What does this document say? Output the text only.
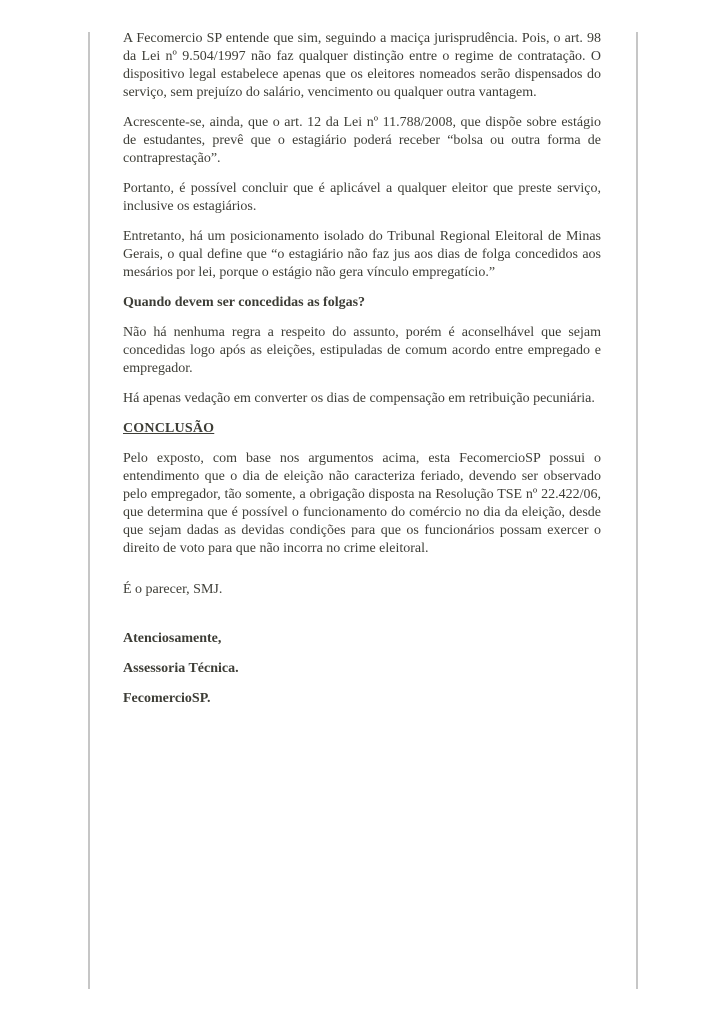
A Fecomercio SP entende que sim, seguindo a maciça jurisprudência. Pois, o art. 98 da Lei nº 9.504/1997 não faz qualquer distinção entre o regime de contratação. O dispositivo legal estabelece apenas que os eleitores nomeados serão dispensados do serviço, sem prejuízo do salário, vencimento ou qualquer outra vantagem.

Acrescente-se, ainda, que o art. 12 da Lei nº 11.788/2008, que dispõe sobre estágio de estudantes, prevê que o estagiário poderá receber “bolsa ou outra forma de contraprestação”.

Portanto, é possível concluir que é aplicável a qualquer eleitor que preste serviço, inclusive os estagiários.

Entretanto, há um posicionamento isolado do Tribunal Regional Eleitoral de Minas Gerais, o qual define que “o estagiário não faz jus aos dias de folga concedidos aos mesários por lei, porque o estágio não gera vínculo empregatício.”

Quando devem ser concedidas as folgas?

Não há nenhuma regra a respeito do assunto, porém é aconselhável que sejam concedidas logo após as eleições, estipuladas de comum acordo entre empregado e empregador.

Há apenas vedação em converter os dias de compensação em retribuição pecuniária.

CONCLUSÃO

Pelo exposto, com base nos argumentos acima, esta FecomercioSP possui o entendimento que o dia de eleição não caracteriza feriado, devendo ser observado pelo empregador, tão somente, a obrigação disposta na Resolução TSE nº 22.422/06, que determina que é possível o funcionamento do comércio no dia da eleição, desde que sejam dadas as devidas condições para que os funcionários possam exercer o direito de voto para que não incorra no crime eleitoral.

É o parecer, SMJ.

Atenciosamente,

Assessoria Técnica.

FecomercioSP.
